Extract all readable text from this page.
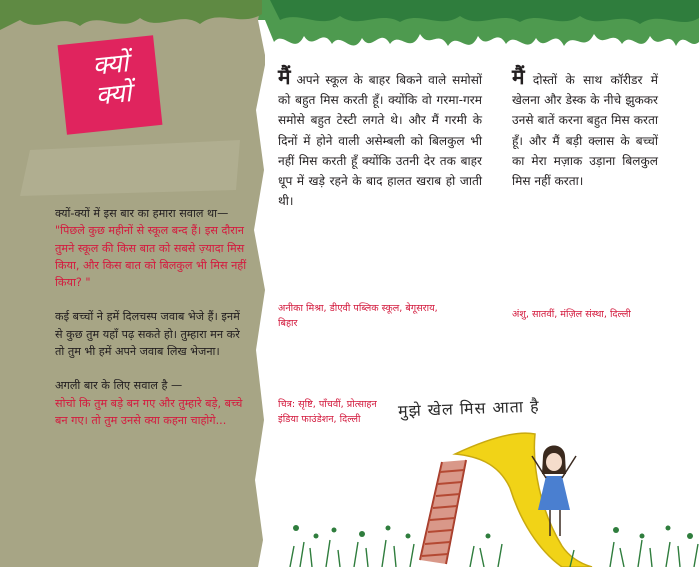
क्यों
क्यों

क्यों-क्यों में इस बार का हमारा सवाल था—
"पिछले कुछ महीनों से स्कूल बन्द हैं। इस दौरान तुमने स्कूल की किस बात को सबसे ज़्यादा मिस किया, और किस बात को बिलकुल भी मिस नहीं किया? "

कई बच्चों ने हमें दिलचस्प जवाब भेजे हैं। इनमें से कुछ तुम यहाँ पढ़ सकते हो। तुम्हारा मन करे तो तुम भी हमें अपने जवाब लिख भेजना।

अगली बार के लिए सवाल है —
सोचो कि तुम बड़े बन गए और तुम्हारे बड़े, बच्चे बन गए। तो तुम उनसे क्या कहना चाहोगे...

मैं अपने स्कूल के बाहर बिकने वाले समोसों को बहुत मिस करती हूँ। क्योंकि वो गरमा-गरम समोसे बहुत टेस्टी लगते थे। और मैं गरमी के दिनों में होने वाली असेम्बली को बिलकुल भी नहीं मिस करती हूँ क्योंकि उतनी देर तक बाहर धूप में खड़े रहने के बाद हालत खराब हो जाती थी।
अनीका मिश्रा, डीएवी पब्लिक स्कूल, बेगूसराय, बिहार
मैं दोस्तों के साथ कॉरीडर में खेलना और डेस्क के नीचे झुककर उनसे बातें करना बहुत मिस करता हूँ। और मैं बड़ी क्लास के बच्चों का मेरा मज़ाक उड़ाना बिलकुल मिस नहीं करता।
अंशु, सातवीं, मंज़िल संस्था, दिल्ली
चित्र: सृष्टि, पाँचवीं, प्रोत्साहन इंडिया फाउंडेशन, दिल्ली	मुझे खेल मिस आता है
